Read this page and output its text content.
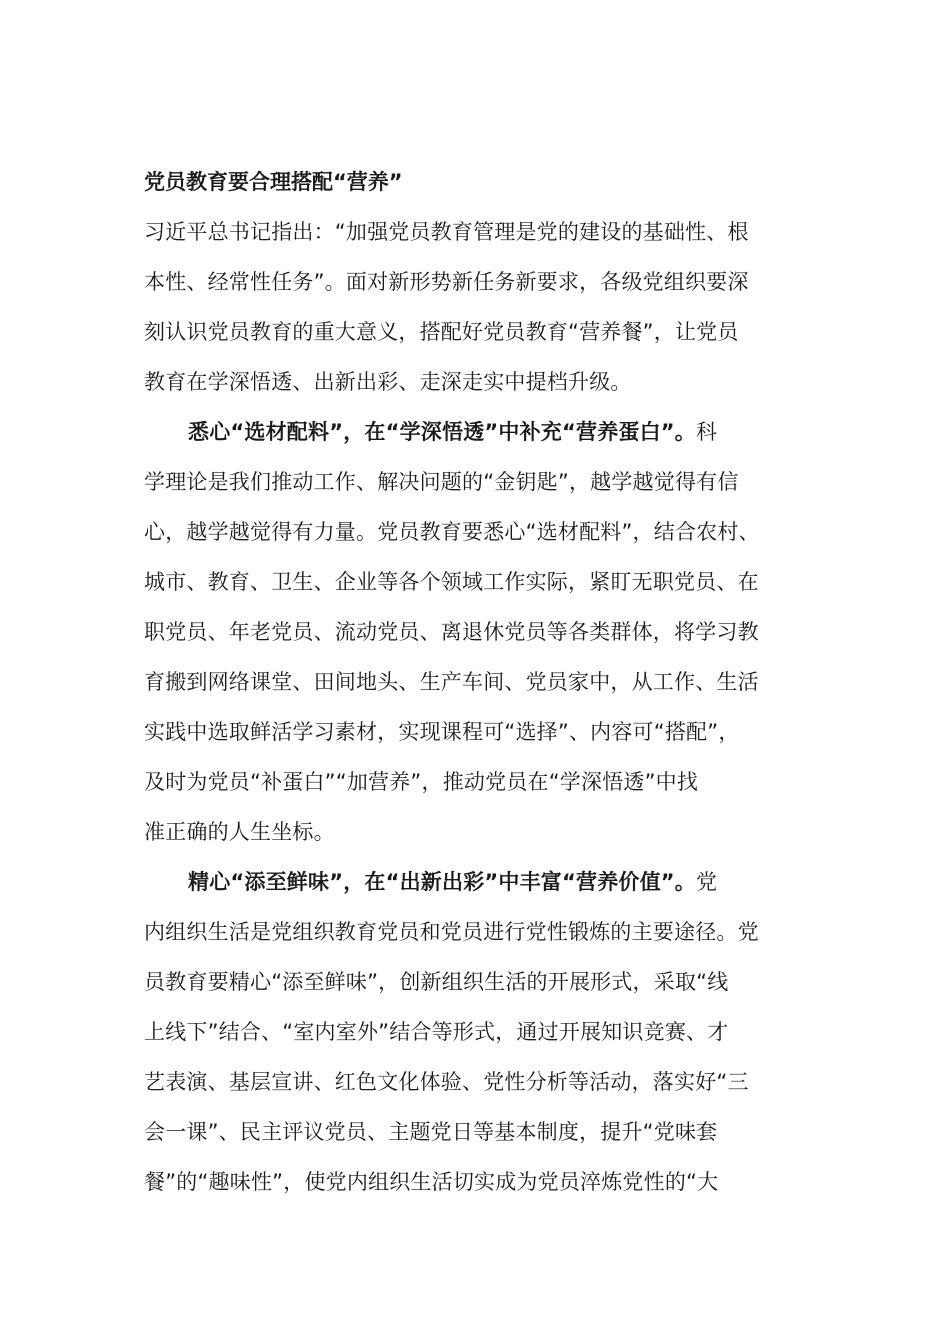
党员教育要合理搭配“营养”

习近平总书记指出：“加强党员教育管理是党的建设的基础性、根
本性、经常性任务”。面对新形势新任务新要求，各级党组织要深
刻认识党员教育的重大意义，搭配好党员教育“营养餐”，让党员
教育在学深悟透、出新出彩、走深走实中提档升级。

悉心“选材配料”，在“学深悟透”中补充“营养蛋白”。科
学理论是我们推动工作、解决问题的“金钥匙”，越学越觉得有信
心，越学越觉得有力量。党员教育要悉心“选材配料”，结合农村、
城市、教育、卫生、企业等各个领域工作实际，紧盯无职党员、在
职党员、年老党员、流动党员、离退休党员等各类群体，将学习教
育搬到网络课堂、田间地头、生产车间、党员家中，从工作、生活
实践中选取鲜活学习素材，实现课程可“选择”、内容可“搭配”，
及时为党员“补蛋白”“加营养”，推动党员在“学深悟透”中找
准正确的人生坐标。

精心“添至鲜味”，在“出新出彩”中丰富“营养价值”。党
内组织生活是党组织教育党员和党员进行党性锻炼的主要途径。党
员教育要精心“添至鲜味”，创新组织生活的开展形式，采取“线
上线下”结合、“室内室外”结合等形式，通过开展知识竞赛、才
艺表演、基层宣讲、红色文化体验、党性分析等活动，落实好“三
会一课”、民主评议党员、主题党日等基本制度，提升“党味套
餐”的“趣味性”，使党内组织生活切实成为党员淬炼党性的“大
